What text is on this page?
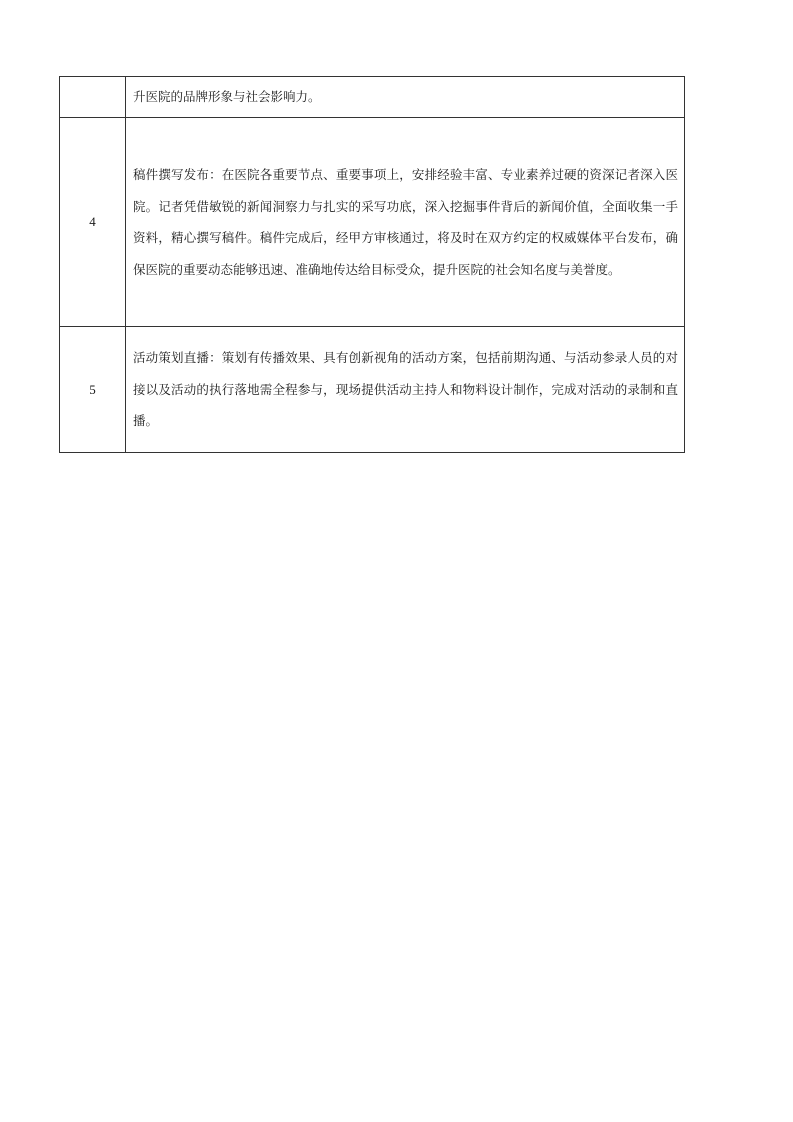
	升医院的品牌形象与社会影响力。

4	稿件撰写发布：在医院各重要节点、重要事项上，安排经验丰富、专业素养过硬的资深记者深入医院。记者凭借敏锐的新闻洞察力与扎实的采写功底，深入挖掘事件背后的新闻价值，全面收集一手资料，精心撰写稿件。稿件完成后，经甲方审核通过，将及时在双方约定的权威媒体平台发布，确保医院的重要动态能够迅速、准确地传达给目标受众，提升医院的社会知名度与美誉度。

5	活动策划直播：策划有传播效果、具有创新视角的活动方案，包括前期沟通、与活动参录人员的对接以及活动的执行落地需全程参与，现场提供活动主持人和物料设计制作，完成对活动的录制和直播。
